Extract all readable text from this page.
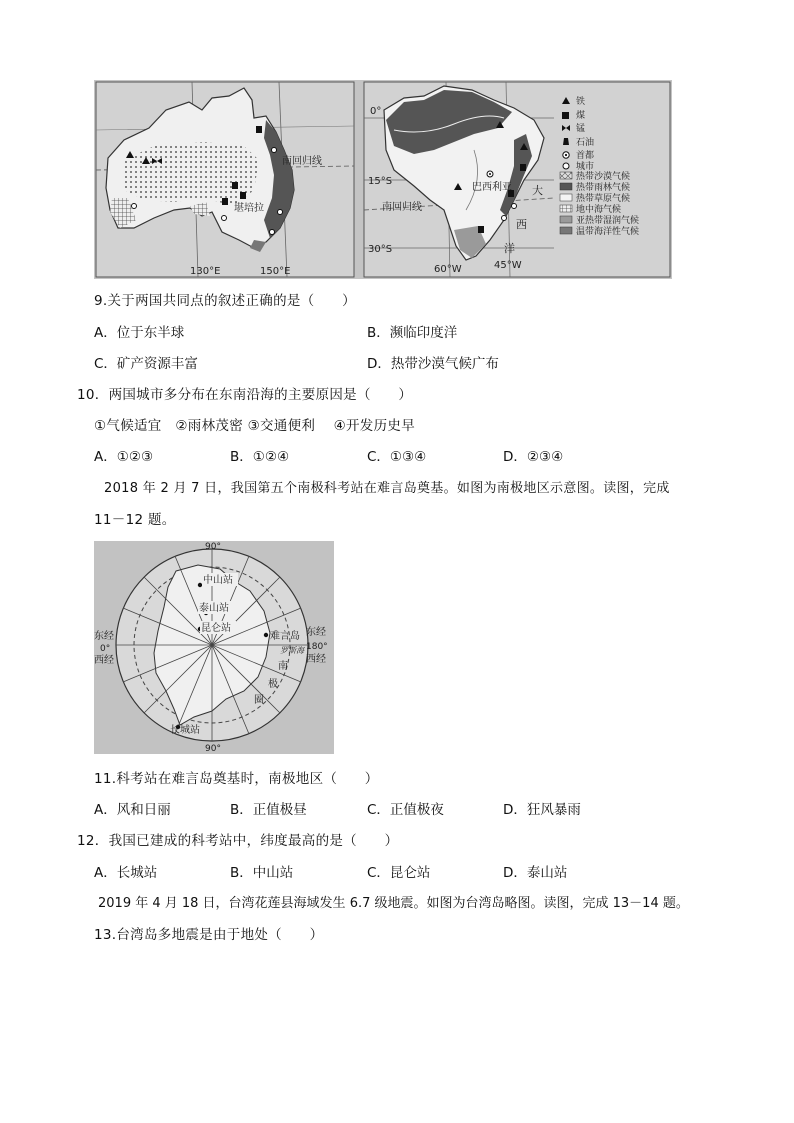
南回归线
堪培拉
130°E	150°E
0°
15°S
30°S
60°W	45°W
巴西利亚
南回归线
大
西
洋
铁
煤
锰
石油
首都
城市
热带沙漠气候
热带雨林气候
热带草原气候
地中海气候
亚热带湿润气候
温带海洋性气候
9.关于两国共同点的叙述正确的是（　　）
A．位于东半球	B．濒临印度洋
C．矿产资源丰富	D．热带沙漠气候广布
10．两国城市多分布在东南沿海的主要原因是（　　）
①气候适宜　②雨林茂密 ③交通便利　 ④开发历史早
A．①②③	B．①②④	C．①③④	D．②③④
2018 年 2 月 7 日，我国第五个南极科考站在难言岛奠基。如图为南极地区示意图。读图，完成
11－12 题。
中山站
泰山站
昆仑站
难言岛
长城站
罗斯海
南
极
圈
90°
90°
东经
0°
西经
东经
180°
西经
11.科考站在难言岛奠基时，南极地区（　　）
A．风和日丽	B．正值极昼	C．正值极夜	D．狂风暴雨
12．我国已建成的科考站中，纬度最高的是（　　）
A．长城站	B．中山站	C．昆仑站	D．泰山站
2019 年 4 月 18 日，台湾花莲县海域发生 6.7 级地震。如图为台湾岛略图。读图，完成 13－14 题。
13.台湾岛多地震是由于地处（　　）
